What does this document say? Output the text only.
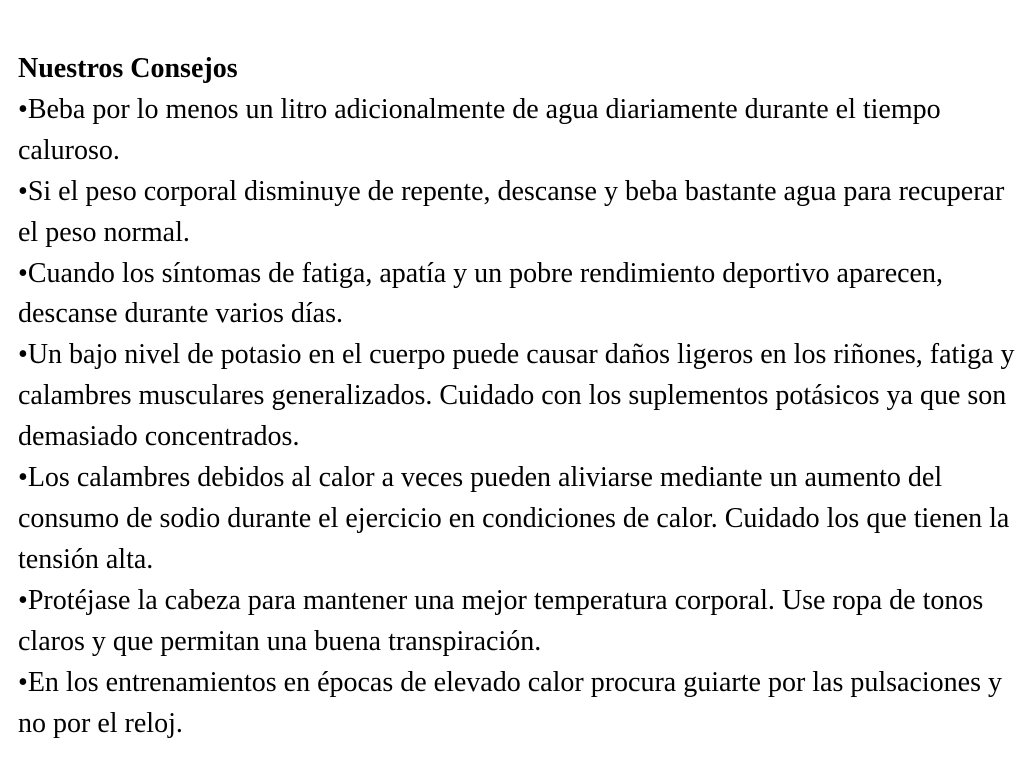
Nuestros Consejos

•Beba por lo menos un litro adicionalmente de agua diariamente durante el tiempo caluroso.
•Si el peso corporal disminuye de repente, descanse y beba bastante agua para recuperar el peso normal.
•Cuando los síntomas de fatiga, apatía y un pobre rendimiento deportivo aparecen, descanse durante varios días.
•Un bajo nivel de potasio en el cuerpo puede causar daños ligeros en los riñones, fatiga y calambres musculares generalizados. Cuidado con los suplementos potásicos ya que son demasiado concentrados.
•Los calambres debidos al calor a veces pueden aliviarse mediante un aumento del consumo de sodio durante el ejercicio en condiciones de calor. Cuidado los que tienen la tensión alta.
•Protéjase la cabeza para mantener una mejor temperatura corporal. Use ropa de tonos claros y que permitan una buena transpiración.
•En los entrenamientos en épocas de elevado calor procura guiarte por las pulsaciones y no por el reloj.
